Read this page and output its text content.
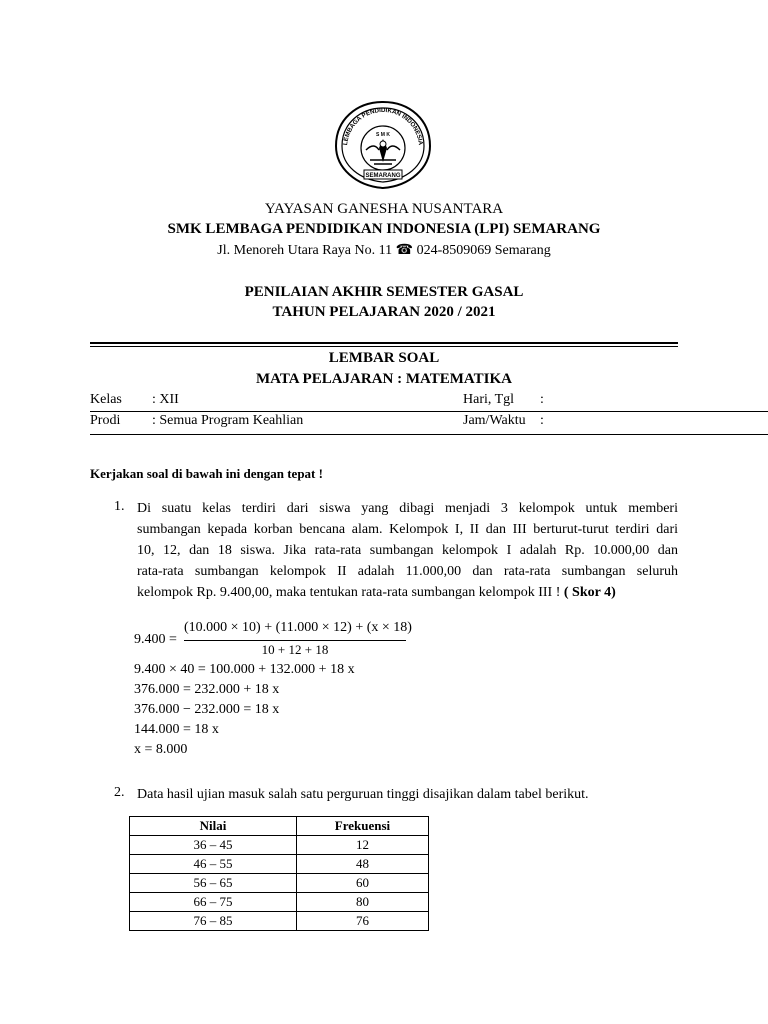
LEMBAGA PENDIDIKAN INDONESIA
S M K
SEMARANG
YAYASAN GANESHA NUSANTARA
SMK LEMBAGA PENDIDIKAN INDONESIA (LPI) SEMARANG
Jl. Menoreh Utara Raya No. 11 ☎ 024-8509069 Semarang
PENILAIAN AKHIR SEMESTER GASAL
TAHUN PELAJARAN 2020 / 2021
LEMBAR SOAL
MATA PELAJARAN : MATEMATIKA
Kelas : XII	Hari, Tgl :
Prodi : Semua Program Keahlian	Jam/Waktu :
Kerjakan soal di bawah ini dengan tepat !
1. Di suatu kelas terdiri dari siswa yang dibagi menjadi 3 kelompok untuk memberi
sumbangan kepada korban bencana alam. Kelompok I, II dan III berturut-turut terdiri dari
10, 12, dan 18 siswa. Jika rata-rata sumbangan kelompok I adalah Rp. 10.000,00 dan
rata-rata sumbangan kelompok II adalah 11.000,00 dan rata-rata sumbangan seluruh
kelompok Rp. 9.400,00, maka tentukan rata-rata sumbangan kelompok III ! ( Skor 4)
9.400 =
(10.000 × 10) + (11.000 × 12) + (x × 18)
10 + 12 + 18
9.400 × 40 = 100.000 + 132.000 + 18 x
376.000 = 232.000 + 18 x
376.000 − 232.000 = 18 x
144.000 = 18 x
x = 8.000
2. Data hasil ujian masuk salah satu perguruan tinggi disajikan dalam tabel berikut.
Nilai	Frekuensi
36 – 45	12
46 – 55	48
56 – 65	60
66 – 75	80
76 – 85	76
